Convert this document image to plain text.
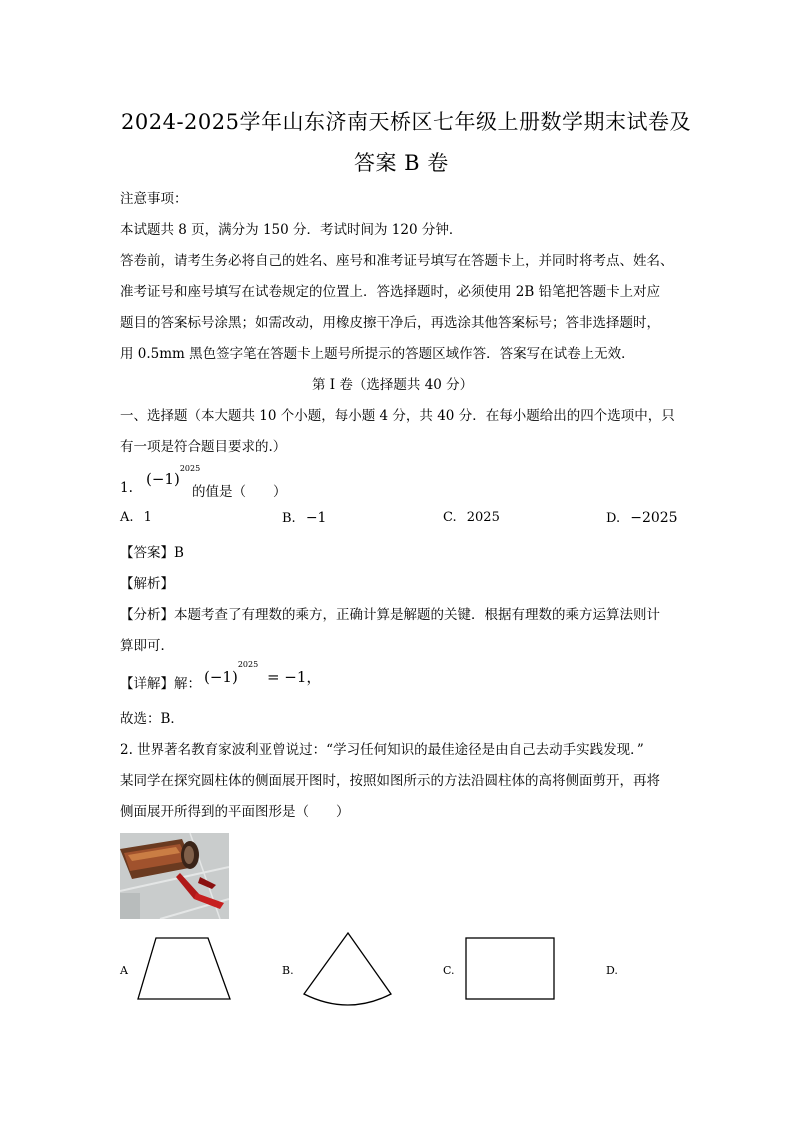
2024-2025学年山东济南天桥区七年级上册数学期末试卷及
答案 B 卷
注意事项：
本试题共 8 页，满分为 150 分．考试时间为 120 分钟．
答卷前，请考生务必将自己的姓名、座号和准考证号填写在答题卡上，并同时将考点、姓名、
准考证号和座号填写在试卷规定的位置上．答选择题时，必须使用 2B 铅笔把答题卡上对应
题目的答案标号涂黑；如需改动，用橡皮擦干净后，再选涂其他答案标号；答非选择题时，
用 0.5mm 黑色签字笔在答题卡上题号所提示的答题区域作答．答案写在试卷上无效．
第 I 卷（选择题共 40 分）
一、选择题（本大题共 10 个小题，每小题 4 分，共 40 分．在每小题给出的四个选项中，只
有一项是符合题目要求的.）
1. $(-1)^{2025}$
的值是（　　）
A. 1	B. −1	C. 2025	D. −2025
【答案】B
【解析】
【分析】本题考查了有理数的乘方，正确计算是解题的关键．根据有理数的乘方运算法则计
算即可．
【详解】解： $(-1)^{2025} = -1$，
故选：B．
2. 世界著名教育家波利亚曾说过：“学习任何知识的最佳途径是由自己去动手实践发现．”
某同学在探究圆柱体的侧面展开图时，按照如图所示的方法沿圆柱体的高将侧面剪开，再将
侧面展开所得到的平面图形是（　　）
A	B.	C.	D.
